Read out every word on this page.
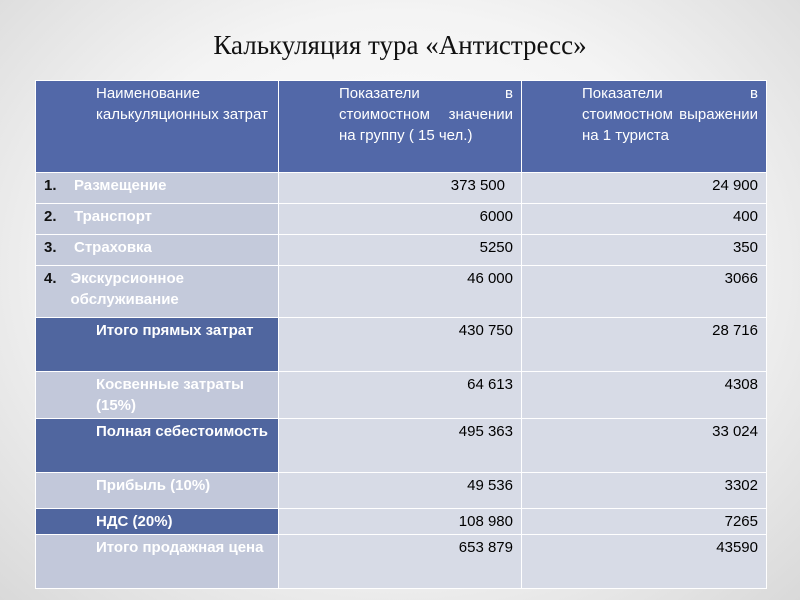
Калькуляция тура «Антистресс»
Наименование калькуляционных затрат	Показатели в стоимостном значении на группу ( 15 чел.)	Показатели в стоимостном выражении на 1 туриста

1. Размещение	373 500	24 900

2. Транспорт	6000	400

3. Страховка	5250	350

4. Экскурсионное обслуживание	46 000	3066

Итого прямых затрат	430 750	28 716

Косвенные затраты (15%)	64 613	4308

Полная себестоимость	495 363	33 024

Прибыль (10%)	49 536	3302

НДС (20%)	108 980	7265

Итого продажная цена	653 879	43590
